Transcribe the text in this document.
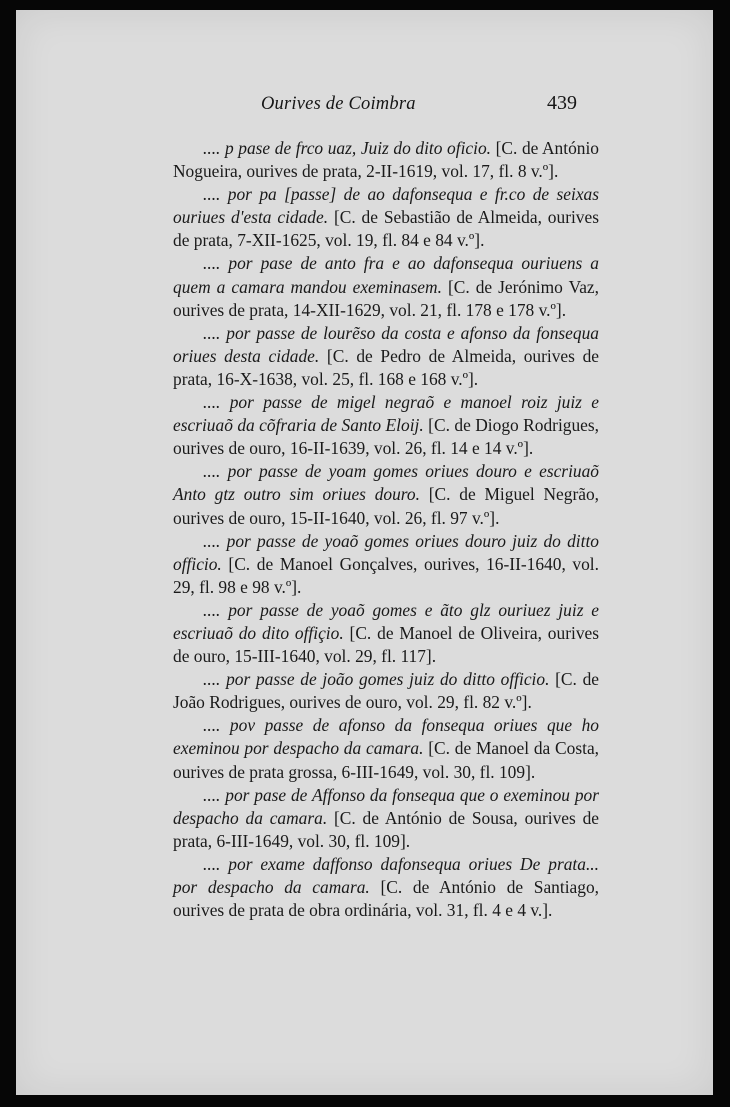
Ourives de Coimbra	439

.... p pase de frco uaz, Juiz do dito oficio. [C. de António Nogueira, ourives de prata, 2-II-1619, vol. 17, fl. 8 v.º].

.... por pa [passe] de ao dafonsequa e fr.co de seixas ouriues d'esta cidade. [C. de Sebastião de Almeida, ourives de prata, 7-XII-1625, vol. 19, fl. 84 e 84 v.º].

.... por pase de anto fra e ao dafonsequa ouriuens a quem a camara mandou exeminasem. [C. de Jerónimo Vaz, ourives de prata, 14-XII-1629, vol. 21, fl. 178 e 178 v.º].

.... por passe de lourẽso da costa e afonso da fonsequa oriues desta cidade. [C. de Pedro de Almeida, ourives de prata, 16-X-1638, vol. 25, fl. 168 e 168 v.º].

.... por passe de migel negraõ e manoel roiz juiz e escriuaõ da cõfraria de Santo Eloij. [C. de Diogo Rodrigues, ourives de ouro, 16-II-1639, vol. 26, fl. 14 e 14 v.º].

.... por passe de yoam gomes oriues douro e escriuaõ Anto gtz outro sim oriues douro. [C. de Miguel Negrão, ourives de ouro, 15-II-1640, vol. 26, fl. 97 v.º].

.... por passe de yoaõ gomes oriues douro juiz do ditto officio. [C. de Manoel Gonçalves, ourives, 16-II-1640, vol. 29, fl. 98 e 98 v.º].

.... por passe de yoaõ gomes e ãto glz ouriuez juiz e escriuaõ do dito offiçio. [C. de Manoel de Oliveira, ourives de ouro, 15-III-1640, vol. 29, fl. 117].

.... por passe de joão gomes juiz do ditto officio. [C. de João Rodrigues, ourives de ouro, vol. 29, fl. 82 v.º].

.... pov passe de afonso da fonsequa oriues que ho exeminou por despacho da camara. [C. de Manoel da Costa, ourives de prata grossa, 6-III-1649, vol. 30, fl. 109].

.... por pase de Affonso da fonsequa que o exeminou por despacho da camara. [C. de António de Sousa, ourives de prata, 6-III-1649, vol. 30, fl. 109].

.... por exame daffonso dafonsequa oriues De prata... por despacho da camara. [C. de António de Santiago, ourives de prata de obra ordinária, vol. 31, fl. 4 e 4 v.].
